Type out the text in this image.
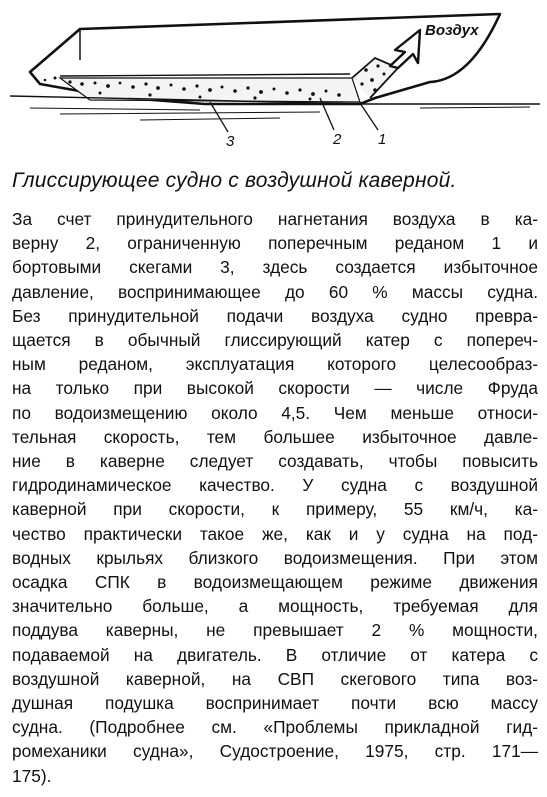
Воздух
3	2 1
Глиссирующее судно с воздушной каверной.
За счет принудительного нагнетания воздуха в ка-
верну 2, ограниченную поперечным реданом 1 и
бортовыми скегами 3, здесь создается избыточное
давление, воспринимающее до 60 % массы судна.
Без принудительной подачи воздуха судно превра-
щается в обычный глиссирующий катер с попереч-
ным реданом, эксплуатация которого целесообраз-
на только при высокой скорости — числе Фруда
по водоизмещению около 4,5. Чем меньше относи-
тельная скорость, тем большее избыточное давле-
ние в каверне следует создавать, чтобы повысить
гидродинамическое качество. У судна с воздушной
каверной при скорости, к примеру, 55 км/ч, ка-
чество практически такое же, как и у судна на под-
водных крыльях близкого водоизмещения. При этом
осадка СПК в водоизмещающем режиме движения
значительно больше, а мощность, требуемая для
поддува каверны, не превышает 2 % мощности,
подаваемой на двигатель. В отличие от катера с
воздушной каверной, на СВП скегового типа воз-
душная подушка воспринимает почти всю массу
судна. (Подробнее см. «Проблемы прикладной гид-
ромеханики судна», Судостроение, 1975, стр. 171—
175).
